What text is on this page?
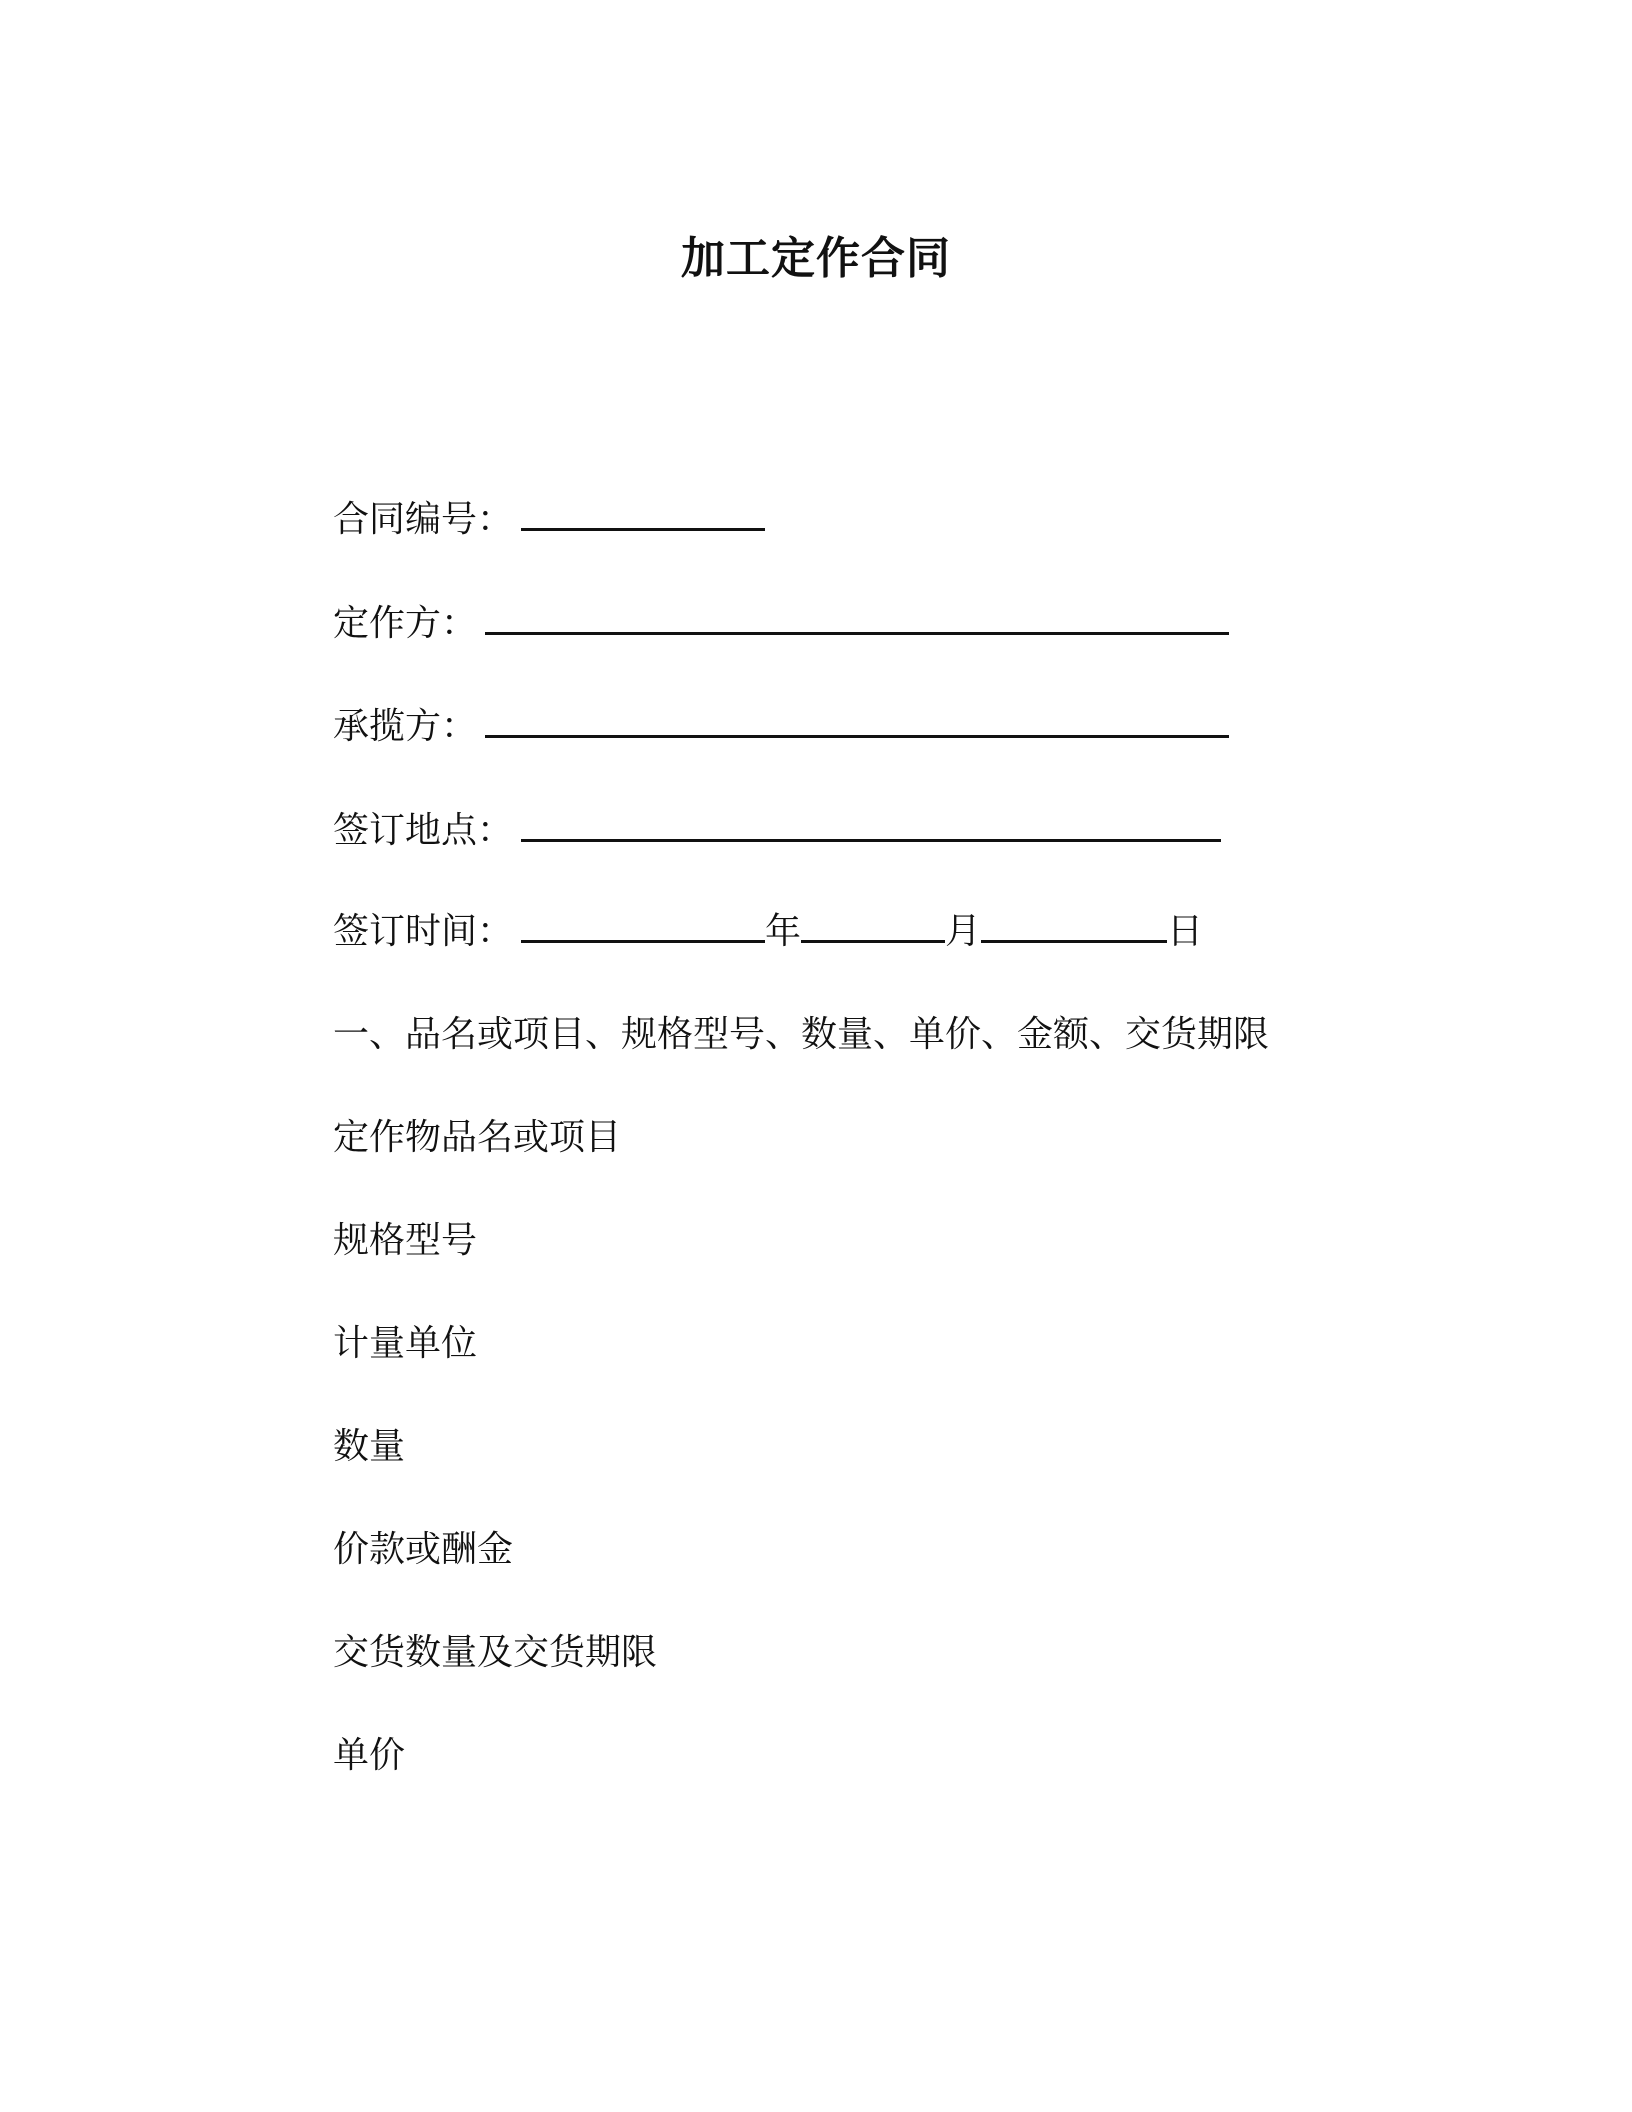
加工定作合同
合同编号：
定作方：
承揽方：
签订地点：
签订时间：	年	月	日
一、品名或项目、规格型号、数量、单价、金额、交货期限
定作物品名或项目
规格型号
计量单位
数量
价款或酬金
交货数量及交货期限
单价
